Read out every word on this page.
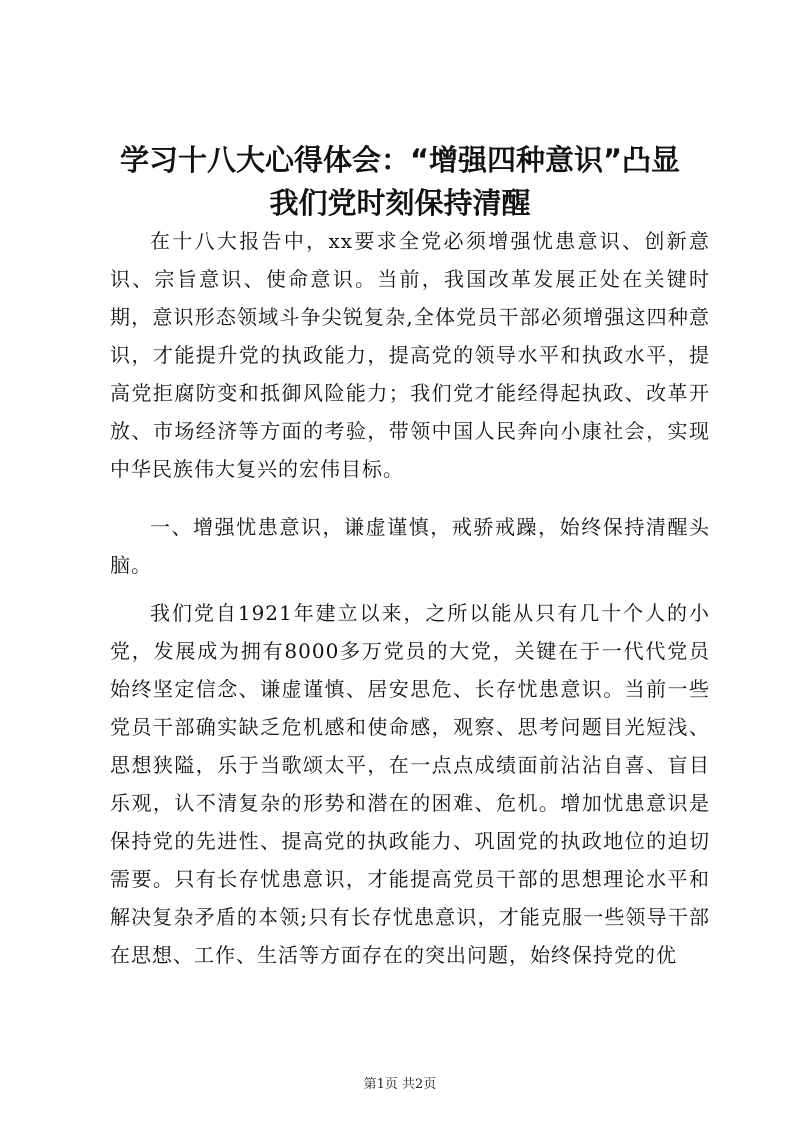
学习十八大心得体会：“增强四种意识”凸显
我们党时刻保持清醒

在十八大报告中，xx要求全党必须增强忧患意识、创新意识、宗旨意识、使命意识。当前，我国改革发展正处在关键时期，意识形态领域斗争尖锐复杂,全体党员干部必须增强这四种意识，才能提升党的执政能力，提高党的领导水平和执政水平，提高党拒腐防变和抵御风险能力；我们党才能经得起执政、改革开放、市场经济等方面的考验，带领中国人民奔向小康社会，实现中华民族伟大复兴的宏伟目标。

一、增强忧患意识，谦虚谨慎，戒骄戒躁，始终保持清醒头脑。

我们党自1921年建立以来，之所以能从只有几十个人的小党，发展成为拥有8000多万党员的大党，关键在于一代代党员始终坚定信念、谦虚谨慎、居安思危、长存忧患意识。当前一些党员干部确实缺乏危机感和使命感，观察、思考问题目光短浅、思想狭隘，乐于当歌颂太平，在一点点成绩面前沾沾自喜、盲目乐观，认不清复杂的形势和潜在的困难、危机。增加忧患意识是保持党的先进性、提高党的执政能力、巩固党的执政地位的迫切需要。只有长存忧患意识，才能提高党员干部的思想理论水平和解决复杂矛盾的本领;只有长存忧患意识，才能克服一些领导干部在思想、工作、生活等方面存在的突出问题，始终保持党的优

第1页 共2页
